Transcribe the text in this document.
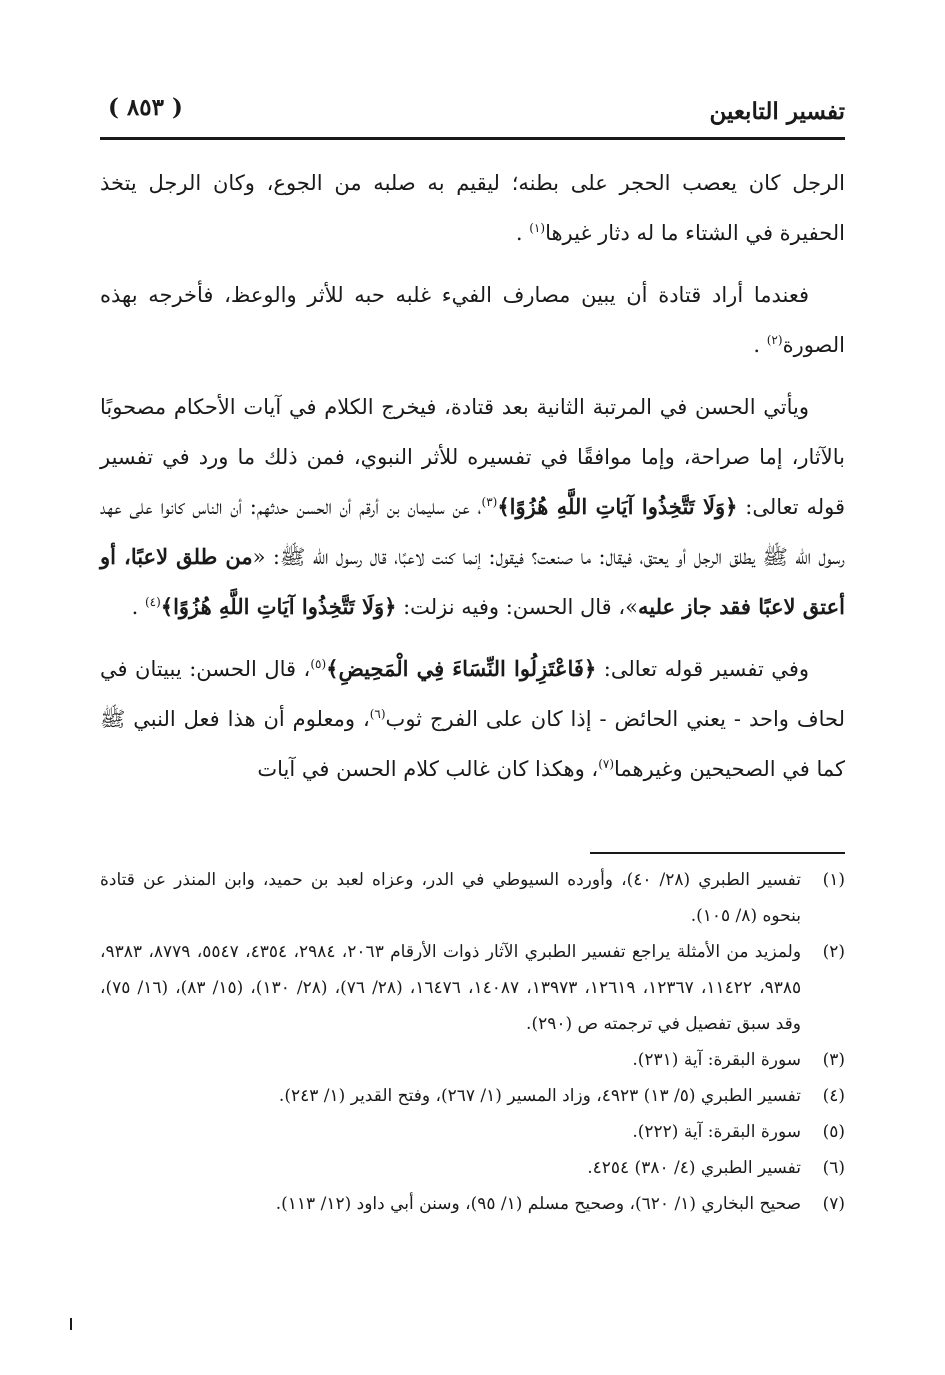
( ٨٥٣ )	تفسير التابعين

الرجل كان يعصب الحجر على بطنه؛ ليقيم به صلبه من الجوع، وكان الرجل يتخذ الحفيرة في الشتاء ما له دثار غيرها$^{(١)}$ .

فعندما أراد قتادة أن يبين مصارف الفيء غلبه حبه للأثر والوعظ، فأخرجه بهذه الصورة$^{(٢)}$ .

ويأتي الحسن في المرتبة الثانية بعد قتادة، فيخرج الكلام في آيات الأحكام مصحوبًا بالآثار، إما صراحة، وإما موافقًا في تفسيره للأثر النبوي، فمن ذلك ما ورد في تفسير قوله تعالى: ﴿وَلَا تَتَّخِذُوا آيَاتِ اللَّهِ هُزُوًا﴾$^{(٣)}$، عن سليمان بن أرقم أن الحسن حدثهم: أن الناس كانوا على عهد رسول الله ﷺ يطلق الرجل أو يعتق، فيقال: ما صنعت؟ فيقول: إنما كنت لاعبًا، قال رسول الله ﷺ: «من طلق لاعبًا، أو أعتق لاعبًا فقد جاز عليه»، قال الحسن: وفيه نزلت: ﴿وَلَا تَتَّخِذُوا آيَاتِ اللَّهِ هُزُوًا﴾$^{(٤)}$ .

وفي تفسير قوله تعالى: ﴿فَاعْتَزِلُوا النِّسَاءَ فِي الْمَحِيضِ﴾$^{(٥)}$، قال الحسن: يبيتان في لحاف واحد - يعني الحائض - إذا كان على الفرج ثوب$^{(٦)}$، ومعلوم أن هذا فعل النبي ﷺ كما في الصحيحين وغيرهما$^{(٧)}$، وهكذا كان غالب كلام الحسن في آيات

(١)
تفسير الطبري (٢٨/ ٤٠)، وأورده السيوطي في الدر، وعزاه لعبد بن حميد، وابن المنذر عن قتادة بنحوه (٨/ ١٠٥).
(٢)
ولمزيد من الأمثلة يراجع تفسير الطبري الآثار ذوات الأرقام ٢٠٦٣، ٢٩٨٤، ٤٣٥٤، ٥٥٤٧، ٨٧٧٩، ٩٣٨٣، ٩٣٨٥، ١١٤٢٢، ١٢٣٦٧، ١٢٦١٩، ١٣٩٧٣، ١٤٠٨٧، ١٦٤٧٦، (٢٨/ ٧٦)، (٢٨/ ١٣٠)، (١٥/ ٨٣)، (١٦/ ٧٥)، وقد سبق تفصيل في ترجمته ص (٢٩٠).
(٣)
سورة البقرة: آية (٢٣١).
(٤)
تفسير الطبري (٥/ ١٣) ٤٩٢٣، وزاد المسير (١/ ٢٦٧)، وفتح القدير (١/ ٢٤٣).
(٥)
سورة البقرة: آية (٢٢٢).
(٦)
تفسير الطبري (٤/ ٣٨٠) ٤٢٥٤.
(٧)
صحيح البخاري (١/ ٦٢٠)، وصحيح مسلم (١/ ٩٥)، وسنن أبي داود (١٢/ ١١٣).
